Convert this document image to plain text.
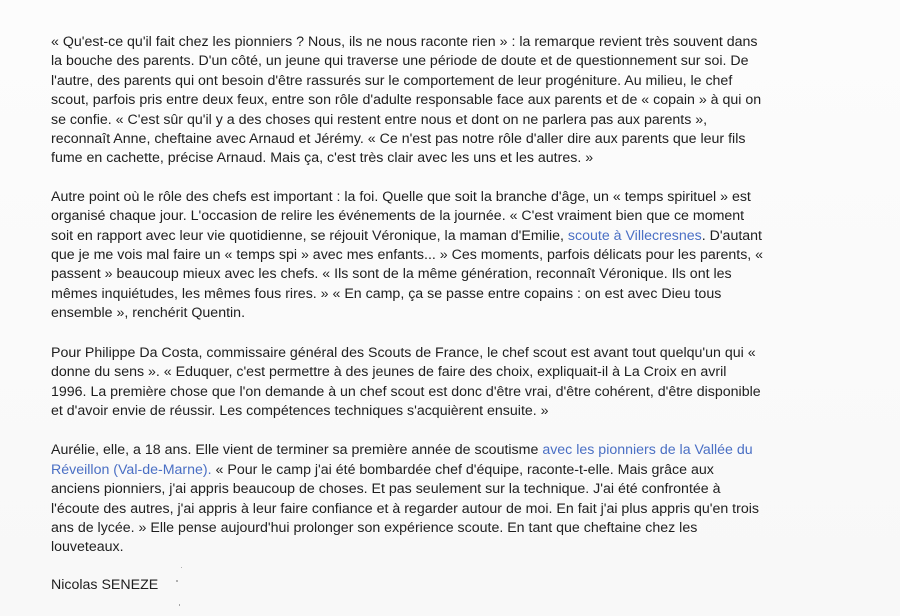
« Qu'est-ce qu'il fait chez les pionniers ? Nous, ils ne nous raconte rien » : la remarque revient très souvent dans
la bouche des parents. D'un côté, un jeune qui traverse une période de doute et de questionnement sur soi. De
l'autre, des parents qui ont besoin d'être rassurés sur le comportement de leur progéniture. Au milieu, le chef
scout, parfois pris entre deux feux, entre son rôle d'adulte responsable face aux parents et de « copain » à qui on
se confie. « C'est sûr qu'il y a des choses qui restent entre nous et dont on ne parlera pas aux parents »,
reconnaît Anne, cheftaine avec Arnaud et Jérémy. « Ce n'est pas notre rôle d'aller dire aux parents que leur fils
fume en cachette, précise Arnaud. Mais ça, c'est très clair avec les uns et les autres. »

Autre point où le rôle des chefs est important : la foi. Quelle que soit la branche d'âge, un « temps spirituel » est
organisé chaque jour. L'occasion de relire les événements de la journée. « C'est vraiment bien que ce moment
soit en rapport avec leur vie quotidienne, se réjouit Véronique, la maman d'Emilie, scoute à Villecresnes. D'autant
que je me vois mal faire un « temps spi » avec mes enfants... » Ces moments, parfois délicats pour les parents, «
passent » beaucoup mieux avec les chefs. « Ils sont de la même génération, reconnaît Véronique. Ils ont les
mêmes inquiétudes, les mêmes fous rires. » « En camp, ça se passe entre copains : on est avec Dieu tous
ensemble », renchérit Quentin.

Pour Philippe Da Costa, commissaire général des Scouts de France, le chef scout est avant tout quelqu'un qui «
donne du sens ». « Eduquer, c'est permettre à des jeunes de faire des choix, expliquait-il à La Croix en avril
1996. La première chose que l'on demande à un chef scout est donc d'être vrai, d'être cohérent, d'être disponible
et d'avoir envie de réussir. Les compétences techniques s'acquièrent ensuite. »

Aurélie, elle, a 18 ans. Elle vient de terminer sa première année de scoutisme avec les pionniers de la Vallée du
Réveillon (Val-de-Marne). « Pour le camp j'ai été bombardée chef d'équipe, raconte-t-elle. Mais grâce aux
anciens pionniers, j'ai appris beaucoup de choses. Et pas seulement sur la technique. J'ai été confrontée à
l'écoute des autres, j'ai appris à leur faire confiance et à regarder autour de moi. En fait j'ai plus appris qu'en trois
ans de lycée. » Elle pense aujourd'hui prolonger son expérience scoute. En tant que cheftaine chez les
louveteaux.

Nicolas SENEZE
